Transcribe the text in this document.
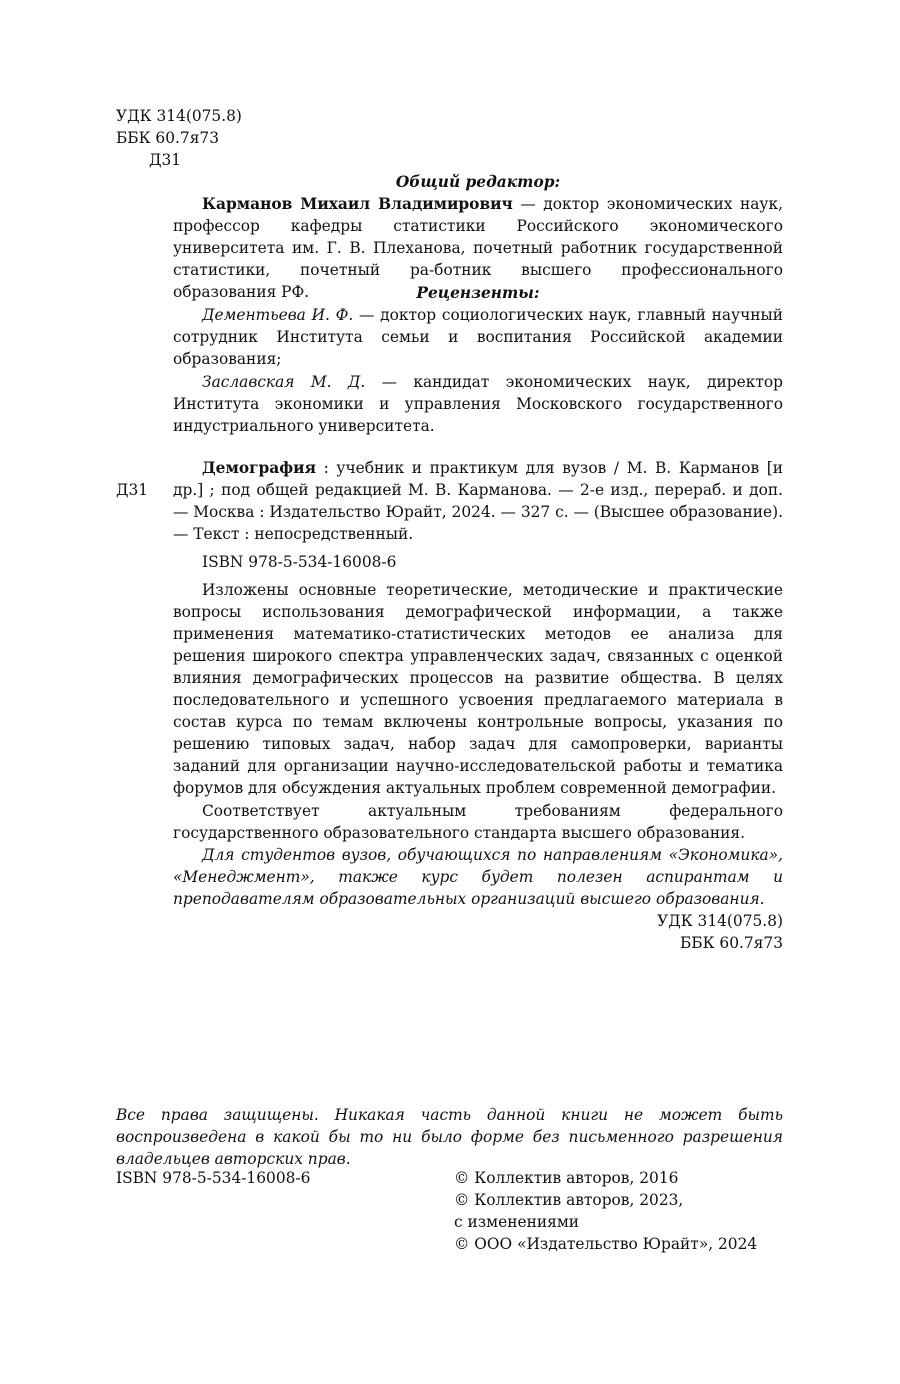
УДК 314(075.8)
ББК 60.7я73
Д31
Общий редактор:

Карманов Михаил Владимирович — доктор экономических наук, профессор кафедры статистики Российского экономического университета им. Г. В. Плеханова, почетный работник государственной статистики, почетный ра-ботник высшего профессионального образования РФ.	Рецензенты:

Дементьева И. Ф. — доктор социологических наук, главный научный сотрудник Института семьи и воспитания Российской академии образования;

Заславская М. Д. — кандидат экономических наук, директор Института экономики и управления Московского государственного индустриального университета.

Д31

Демография : учебник и практикум для вузов / М. В. Карманов [и др.] ; под общей редакцией М. В. Карманова. — 2-е изд., перераб. и доп. — Москва : Издательство Юрайт, 2024. — 327 с. — (Высшее образование). — Текст : непосредственный.

ISBN 978-5-534-16008-6

Изложены основные теоретические, методические и практические вопросы использования демографической информации, а также применения математико-статистических методов ее анализа для решения широкого спектра управленческих задач, связанных с оценкой влияния демографических процессов на развитие общества. В целях последовательного и успешного усвоения предлагаемого материала в состав курса по темам включены контрольные вопросы, указания по решению типовых задач, набор задач для самопроверки, варианты заданий для организации научно-исследовательской работы и тематика форумов для обсуждения актуальных проблем современной демографии.

Соответствует актуальным требованиям федерального государственного образовательного стандарта высшего образования.

Для студентов вузов, обучающихся по направлениям «Экономика», «Менеджмент», также курс будет полезен аспирантам и преподавателям образовательных организаций высшего образования.

УДК 314(075.8)
ББК 60.7я73

Все права защищены. Никакая часть данной книги не может быть воспроизведена в какой бы то ни было форме без письменного разрешения владельцев авторских прав.

ISBN 978-5-534-16008-6	© Коллектив авторов, 2016
© Коллектив авторов, 2023,
с изменениями
© ООО «Издательство Юрайт», 2024
